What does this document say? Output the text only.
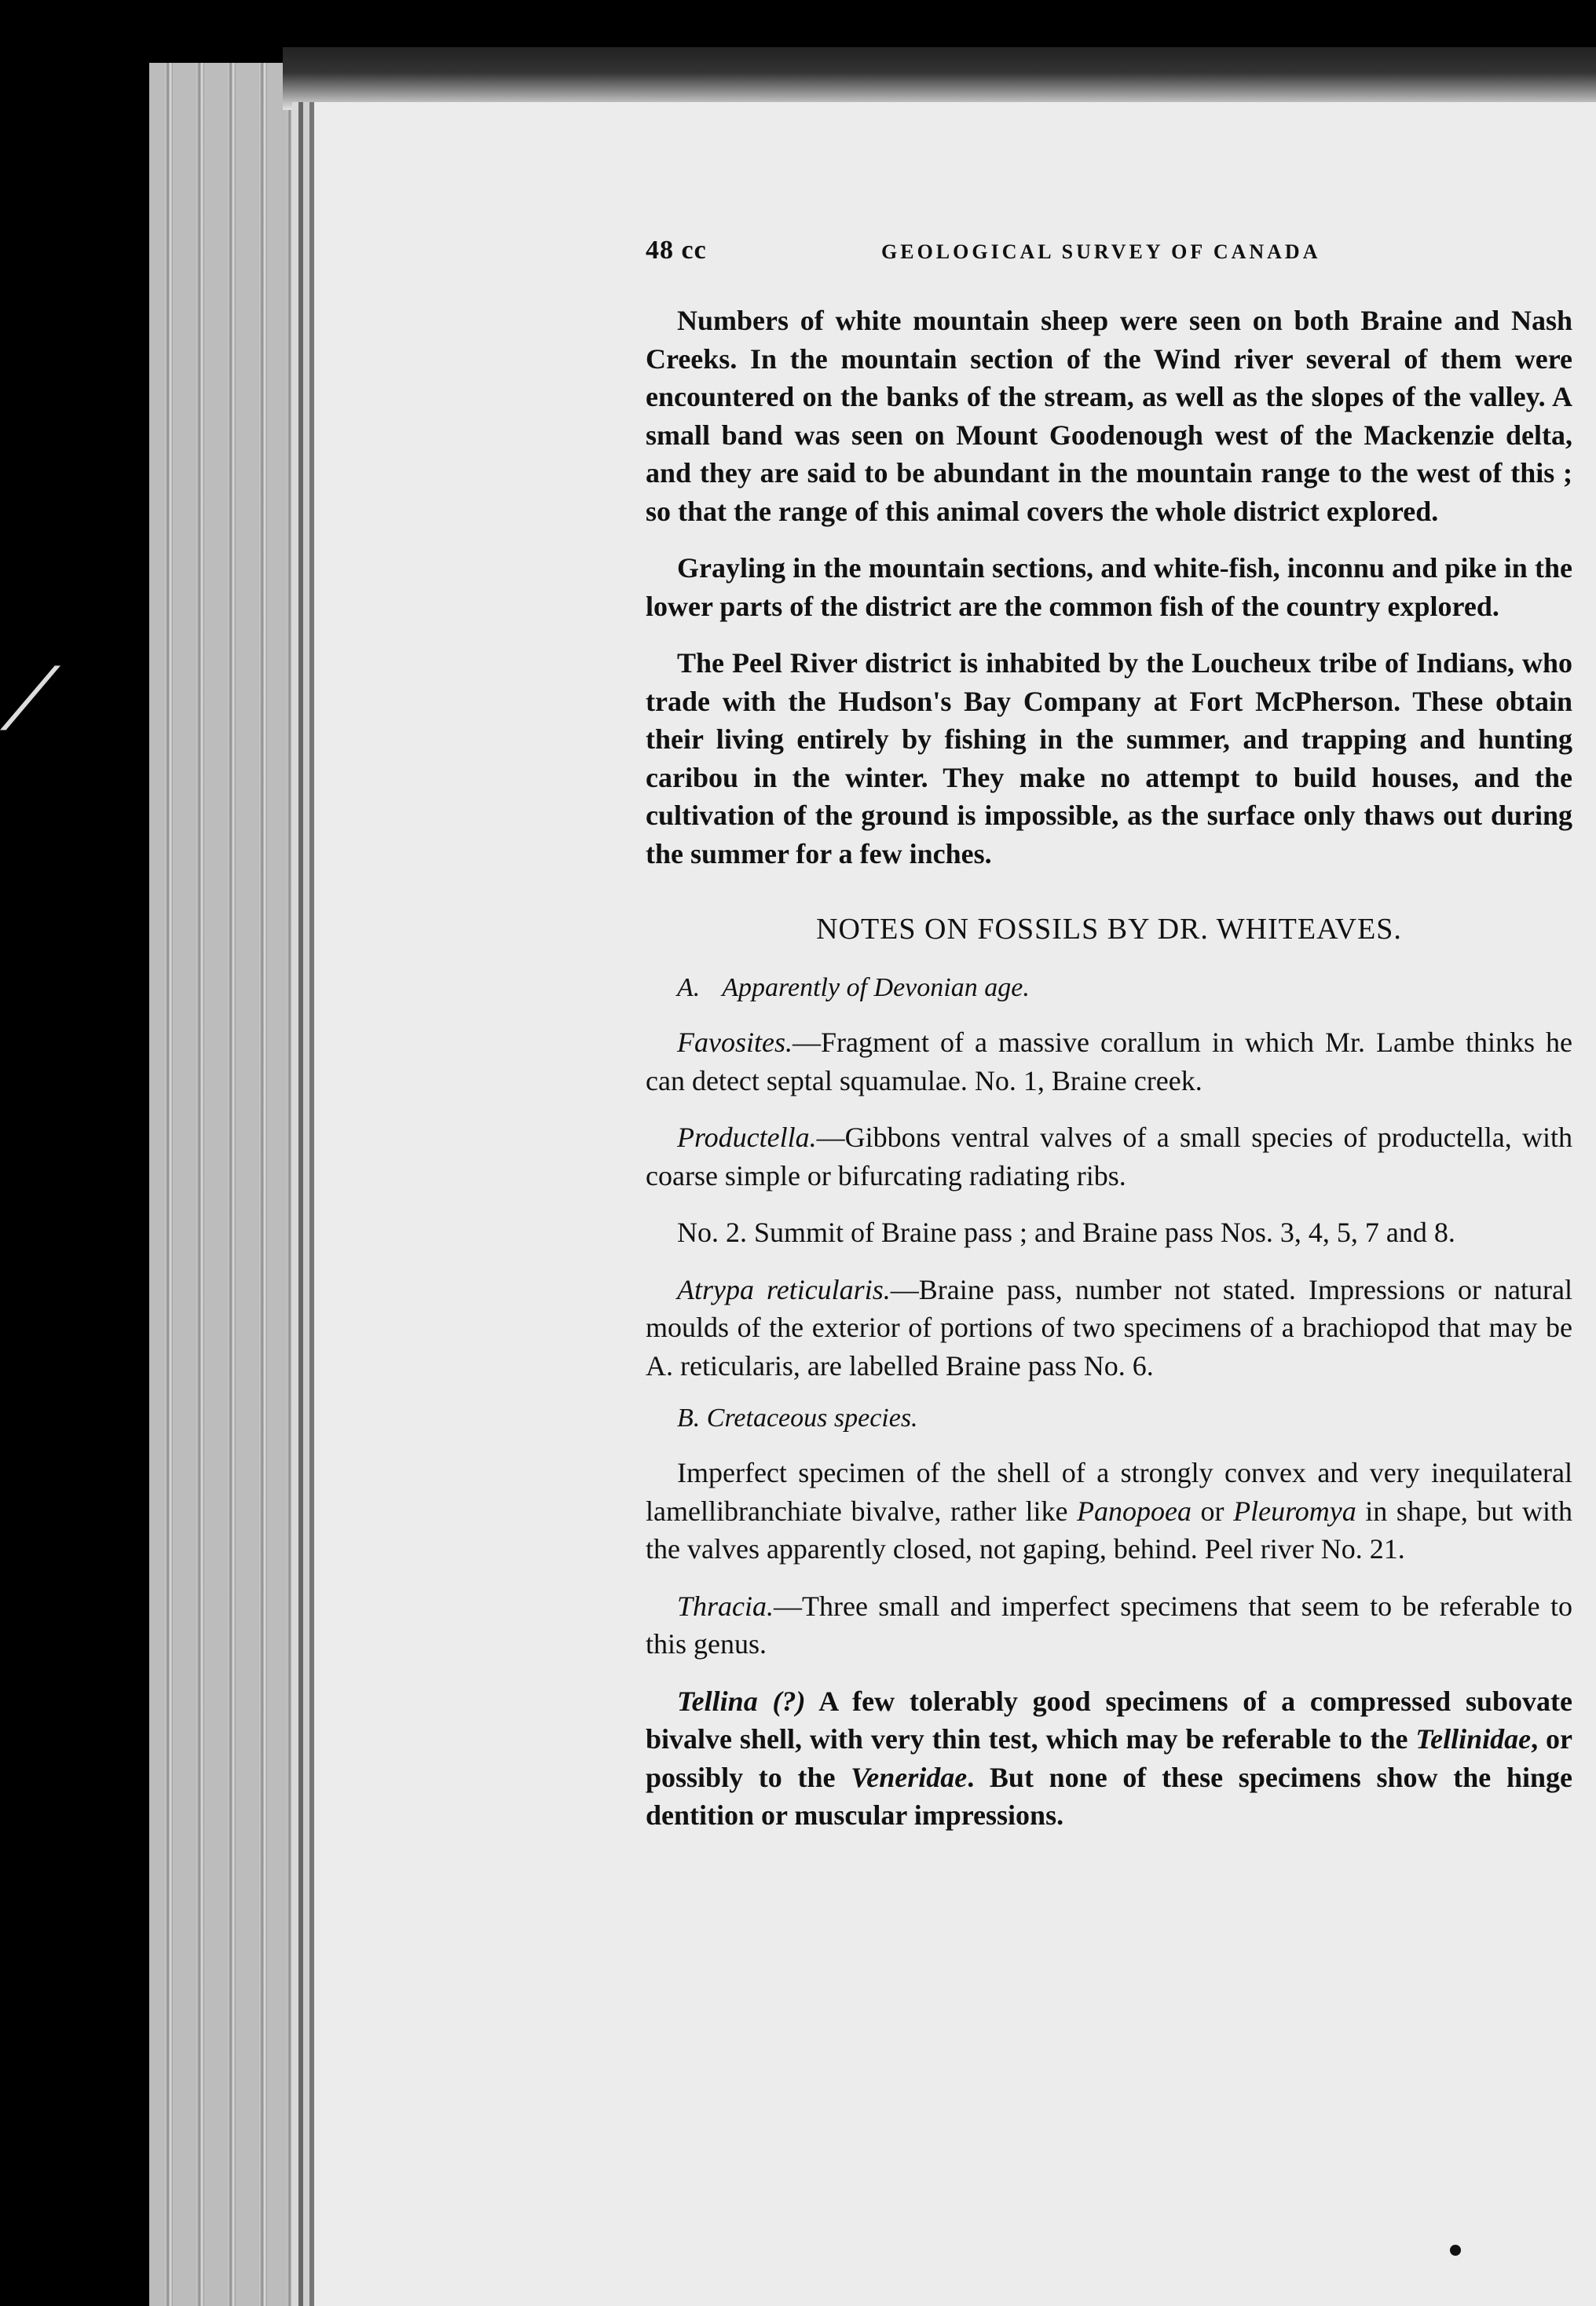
⟋
48 cc	GEOLOGICAL SURVEY OF CANADA

Numbers of white mountain sheep were seen on both Braine and Nash Creeks. In the mountain section of the Wind river several of them were encountered on the banks of the stream, as well as the slopes of the valley. A small band was seen on Mount Goodenough west of the Mackenzie delta, and they are said to be abundant in the mountain range to the west of this ; so that the range of this animal covers the whole district explored.

Grayling in the mountain sections, and white-fish, inconnu and pike in the lower parts of the district are the common fish of the country explored.

The Peel River district is inhabited by the Loucheux tribe of Indians, who trade with the Hudson's Bay Company at Fort McPherson. These obtain their living entirely by fishing in the summer, and trapping and hunting caribou in the winter. They make no attempt to build houses, and the cultivation of the ground is impossible, as the surface only thaws out during the summer for a few inches.

NOTES ON FOSSILS BY DR. WHITEAVES.
A. Apparently of Devonian age.

Favosites.—Fragment of a massive corallum in which Mr. Lambe thinks he can detect septal squamulae. No. 1, Braine creek.

Productella.—Gibbons ventral valves of a small species of productella, with coarse simple or bifurcating radiating ribs.

No. 2. Summit of Braine pass ; and Braine pass Nos. 3, 4, 5, 7 and 8.

Atrypa reticularis.—Braine pass, number not stated. Impressions or natural moulds of the exterior of portions of two specimens of a brachiopod that may be A. reticularis, are labelled Braine pass No. 6.

B. Cretaceous species.

Imperfect specimen of the shell of a strongly convex and very inequilateral lamellibranchiate bivalve, rather like Panopoea or Pleuromya in shape, but with the valves apparently closed, not gaping, behind. Peel river No. 21.

Thracia.—Three small and imperfect specimens that seem to be referable to this genus.

Tellina (?) A few tolerably good specimens of a compressed subovate bivalve shell, with very thin test, which may be referable to the Tellinidae, or possibly to the Veneridae. But none of these specimens show the hinge dentition or muscular impressions.
